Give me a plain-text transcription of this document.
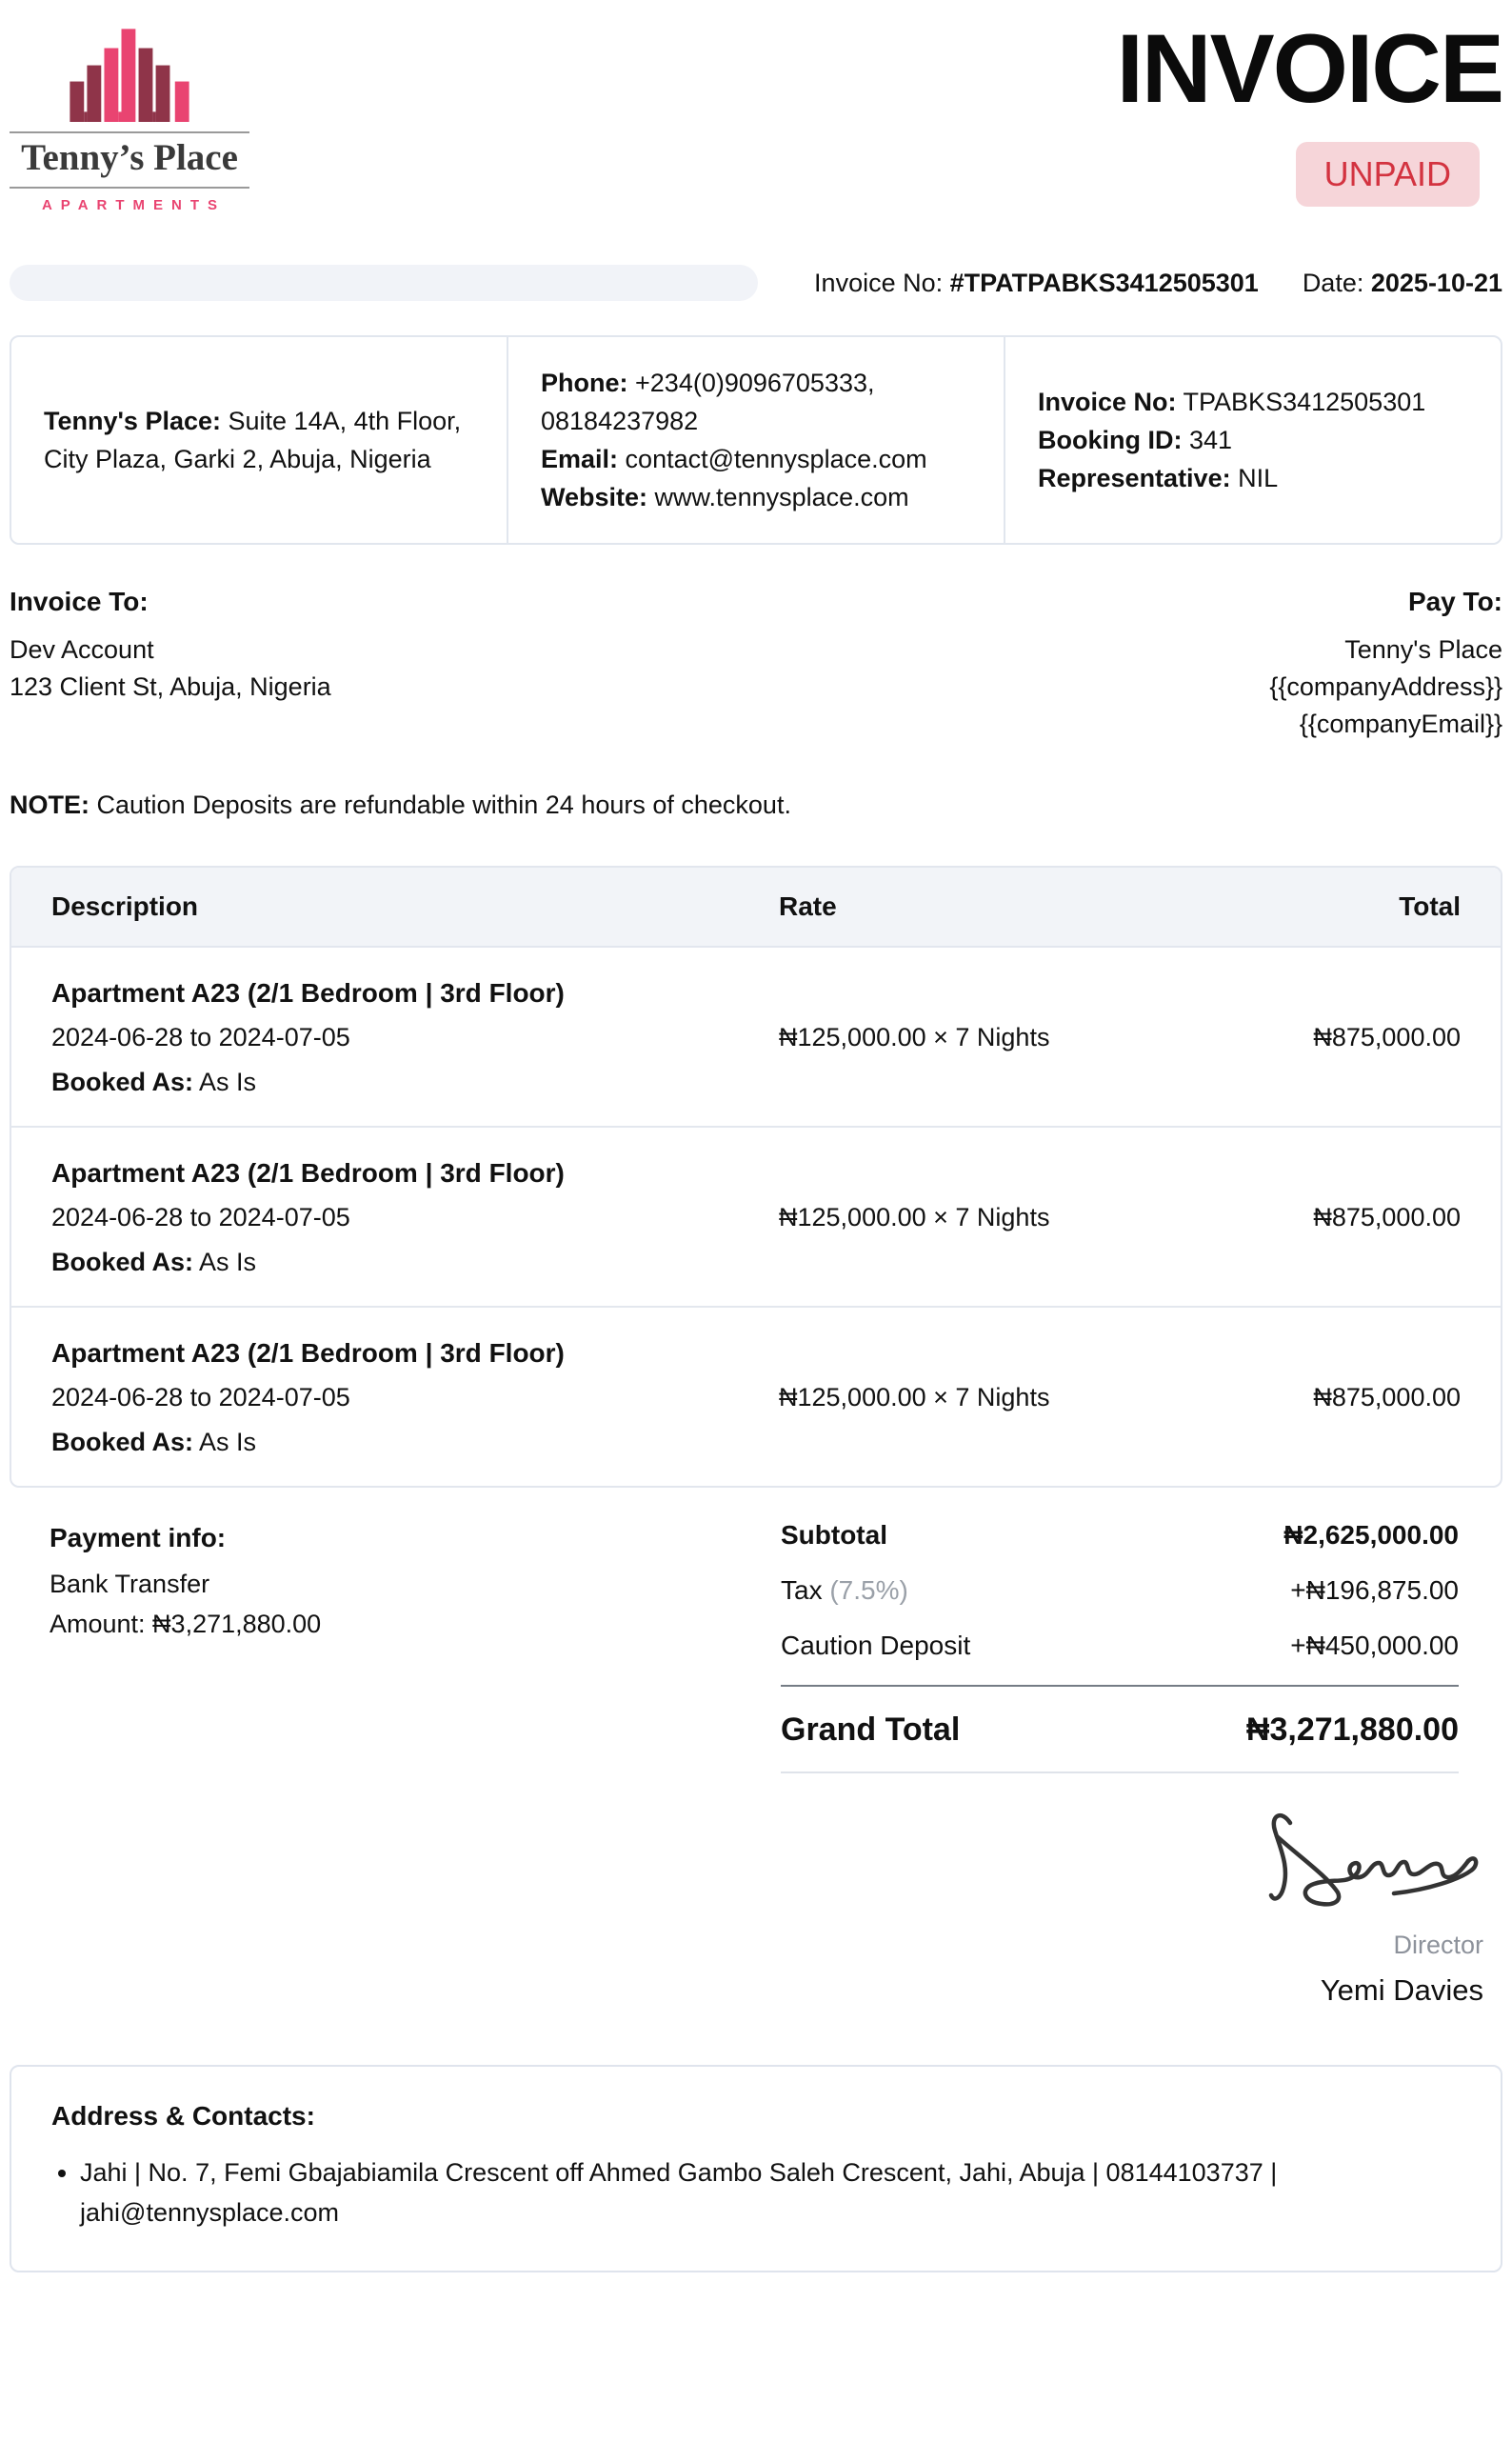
Tenny’s Place
APARTMENTS
INVOICE
UNPAID
Invoice No: #TPATPABKS3412505301 Date: 2025-10-21
Tenny's Place: Suite 14A, 4th Floor, City Plaza, Garki 2, Abuja, Nigeria
Phone: +234(0)9096705333, 08184237982
Email: contact@tennysplace.com
Website: www.tennysplace.com
Invoice No: TPABKS3412505301
Booking ID: 341
Representative: NIL
Invoice To:
Dev Account
123 Client St, Abuja, Nigeria
Pay To:
Tenny's Place
{{companyAddress}}
{{companyEmail}}
NOTE: Caution Deposits are refundable within 24 hours of checkout.
Description	Rate	Total
Apartment A23 (2/1 Bedroom | 3rd Floor)
2024-06-28 to 2024-07-05	₦125,000.00 × 7 Nights	₦875,000.00
Booked As: As Is
Apartment A23 (2/1 Bedroom | 3rd Floor)
2024-06-28 to 2024-07-05	₦125,000.00 × 7 Nights	₦875,000.00
Booked As: As Is
Apartment A23 (2/1 Bedroom | 3rd Floor)
2024-06-28 to 2024-07-05	₦125,000.00 × 7 Nights	₦875,000.00
Booked As: As Is
Payment info:
Bank Transfer
Amount: ₦3,271,880.00
Subtotal	₦2,625,000.00
Tax (7.5%)	+₦196,875.00
Caution Deposit	+₦450,000.00
Grand Total	₦3,271,880.00
Director
Yemi Davies
Address & Contacts:
• Jahi | No. 7, Femi Gbajabiamila Crescent off Ahmed Gambo Saleh Crescent, Jahi, Abuja | 08144103737 | jahi@tennysplace.com
